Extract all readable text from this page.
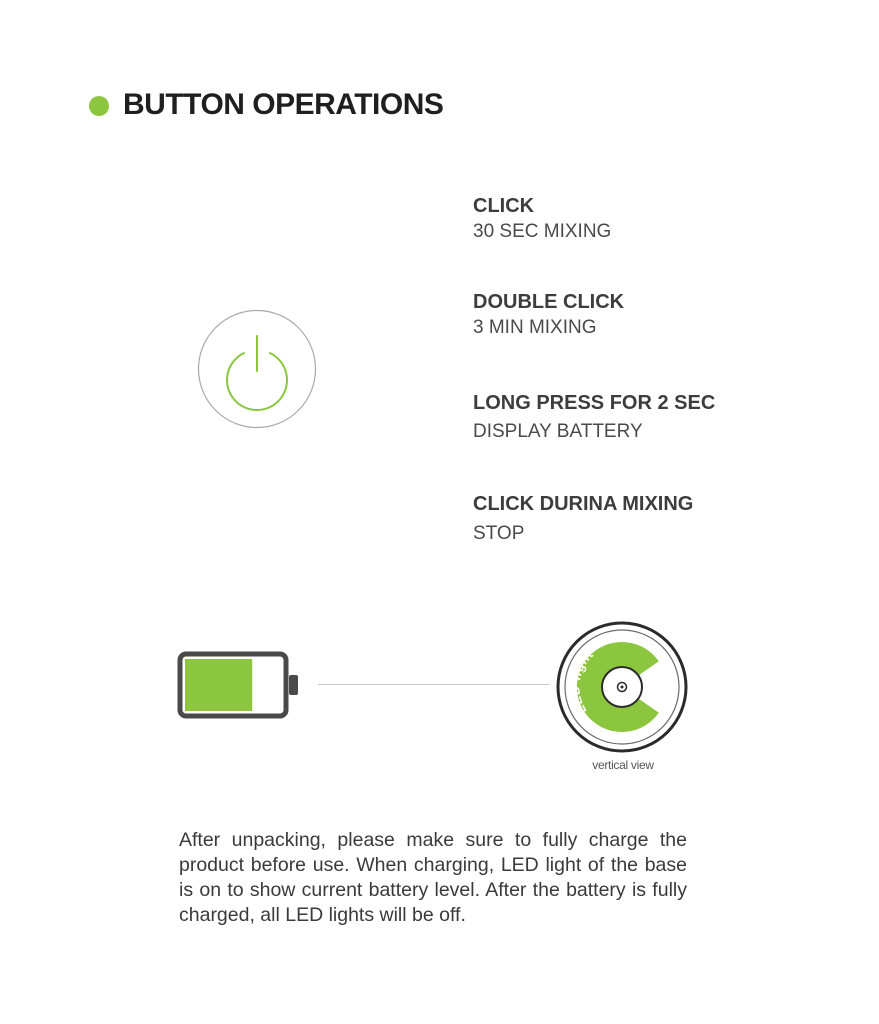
BUTTON OPERATIONS
CLICK
30 SEC MIXING
DOUBLE CLICK
3 MIN MIXING
LONG PRESS FOR 2 SEC
DISPLAY BATTERY
CLICK DURINA MIXING
STOP
LED light
vertical view
After unpacking, please make sure to fully charge the product before use. When charging, LED light of the base is on to show current battery level. After the battery is fully charged, all LED lights will be off.
